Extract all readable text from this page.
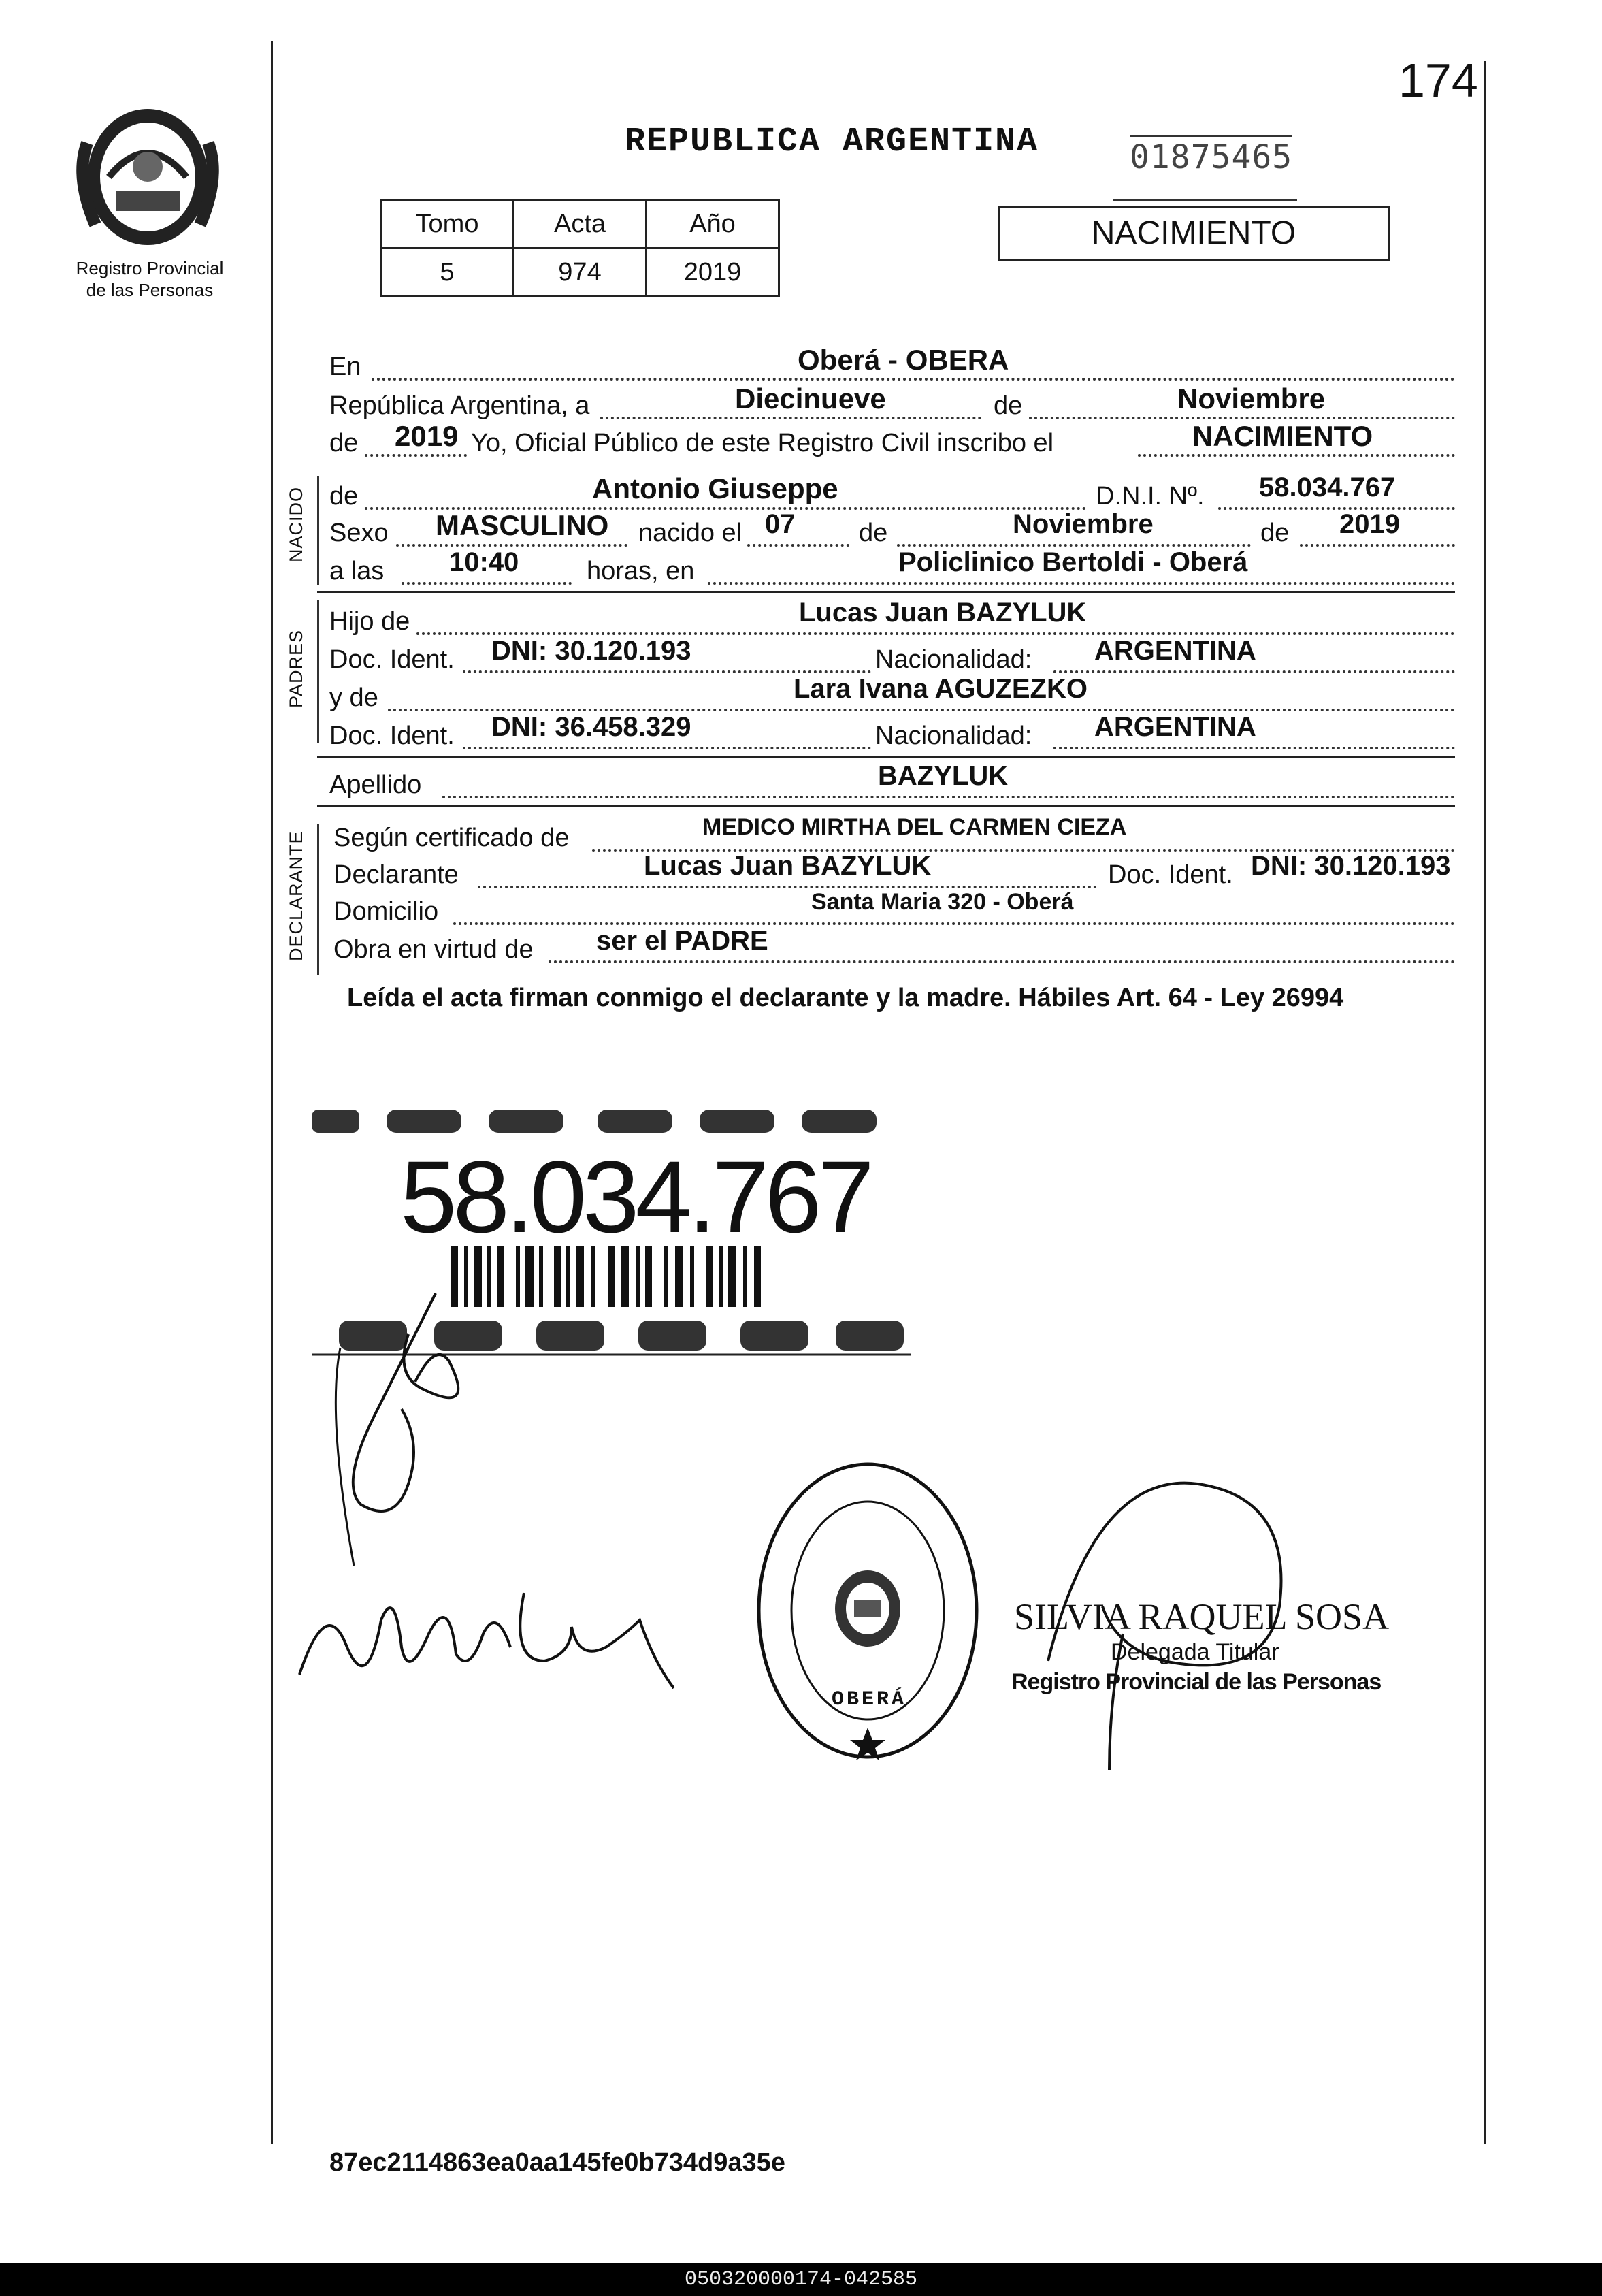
174
Registro Provincial
de las Personas
REPUBLICA ARGENTINA	01875465
Tomo	Acta	Año
5	974	2019
NACIMIENTO
En	Oberá - OBERA
República Argentina, a	Diecinueve	de	Noviembre
de 2019 Yo, Oficial Público de este Registro Civil inscribo el	NACIMIENTO
NACIDO de	Antonio Giuseppe	D.N.I. Nº. 58.034.767
Sexo MASCULINO nacido el 07 de	Noviembre	de 2019
a las 10:40	horas, en	Policlinico Bertoldi - Oberá
PADRES
Hijo de	Lucas Juan BAZYLUK
Doc. Ident. DNI: 30.120.193	Nacionalidad: ARGENTINA
y de	Lara Ivana AGUZEZKO
Doc. Ident. DNI: 36.458.329	Nacionalidad: ARGENTINA
Apellido	BAZYLUK
DECLARANTE Según certificado de	MEDICO MIRTHA DEL CARMEN CIEZA
Declarante	Lucas Juan BAZYLUK	Doc. Ident. DNI: 30.120.193
Domicilio	Santa Maria 320 - Oberá
Obra en virtud de ser el PADRE
Leída el acta firman conmigo el declarante y la madre. Hábiles Art. 64 - Ley 26994
58.034.767
OBERÁ
SILVIA RAQUEL SOSA
Delegada Titular
Registro Provincial de las Personas
87ec2114863ea0aa145fe0b734d9a35e
050320000174-042585
